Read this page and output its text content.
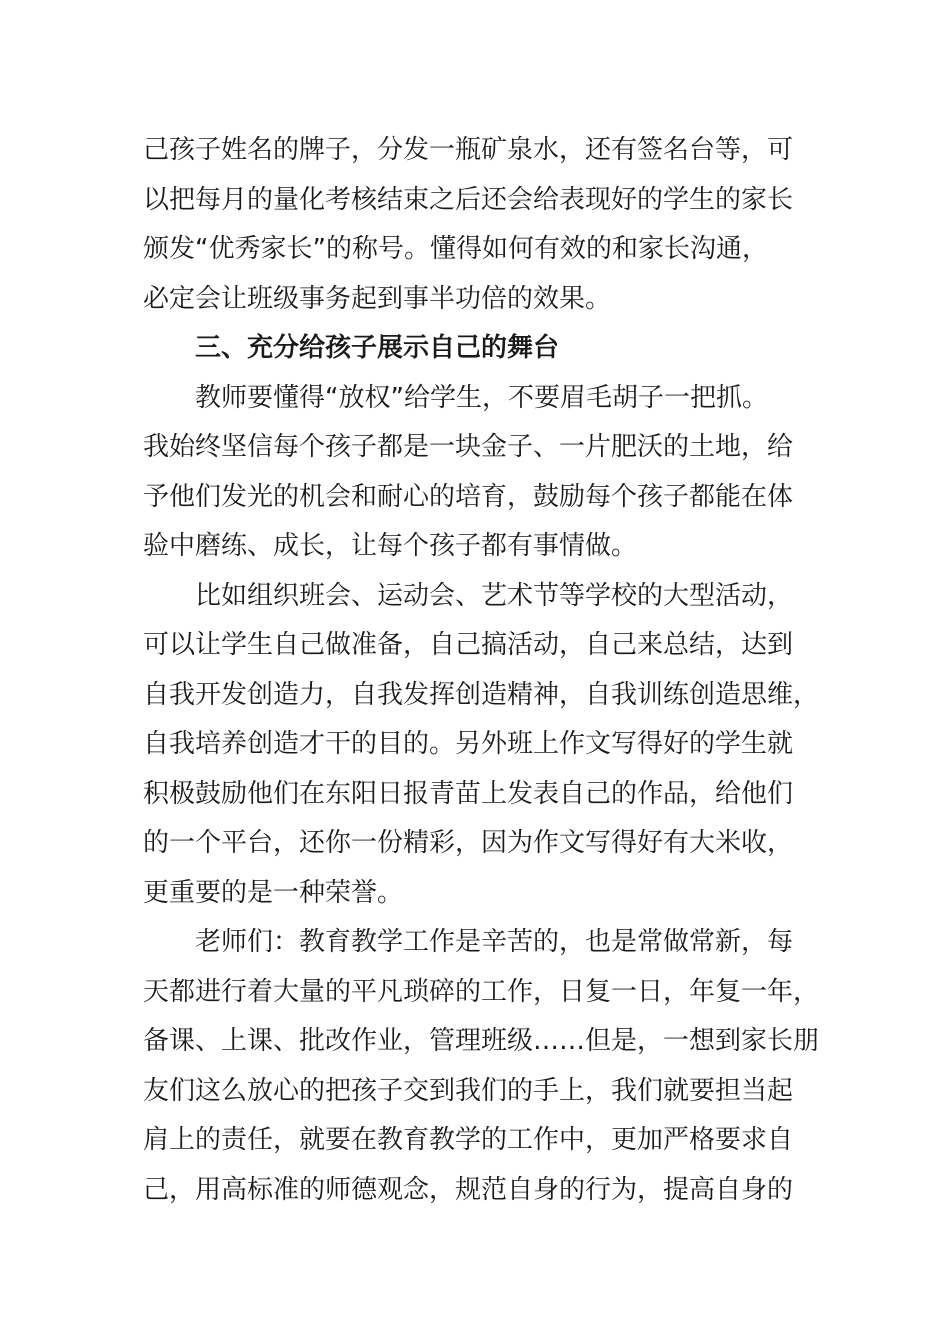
己孩子姓名的牌子，分发一瓶矿泉水，还有签名台等，可
以把每月的量化考核结束之后还会给表现好的学生的家长
颁发“优秀家长”的称号。懂得如何有效的和家长沟通，
必定会让班级事务起到事半功倍的效果。
三、充分给孩子展示自己的舞台
教师要懂得“放权”给学生，不要眉毛胡子一把抓。
我始终坚信每个孩子都是一块金子、一片肥沃的土地，给
予他们发光的机会和耐心的培育，鼓励每个孩子都能在体
验中磨练、成长，让每个孩子都有事情做。
比如组织班会、运动会、艺术节等学校的大型活动，
可以让学生自己做准备，自己搞活动，自己来总结，达到
自我开发创造力，自我发挥创造精神，自我训练创造思维，
自我培养创造才干的目的。另外班上作文写得好的学生就
积极鼓励他们在东阳日报青苗上发表自己的作品，给他们
的一个平台，还你一份精彩，因为作文写得好有大米收，
更重要的是一种荣誉。
老师们：教育教学工作是辛苦的，也是常做常新，每
天都进行着大量的平凡琐碎的工作，日复一日，年复一年，
备课、上课、批改作业，管理班级……但是，一想到家长朋
友们这么放心的把孩子交到我们的手上，我们就要担当起
肩上的责任，就要在教育教学的工作中，更加严格要求自
己，用高标准的师德观念，规范自身的行为，提高自身的
